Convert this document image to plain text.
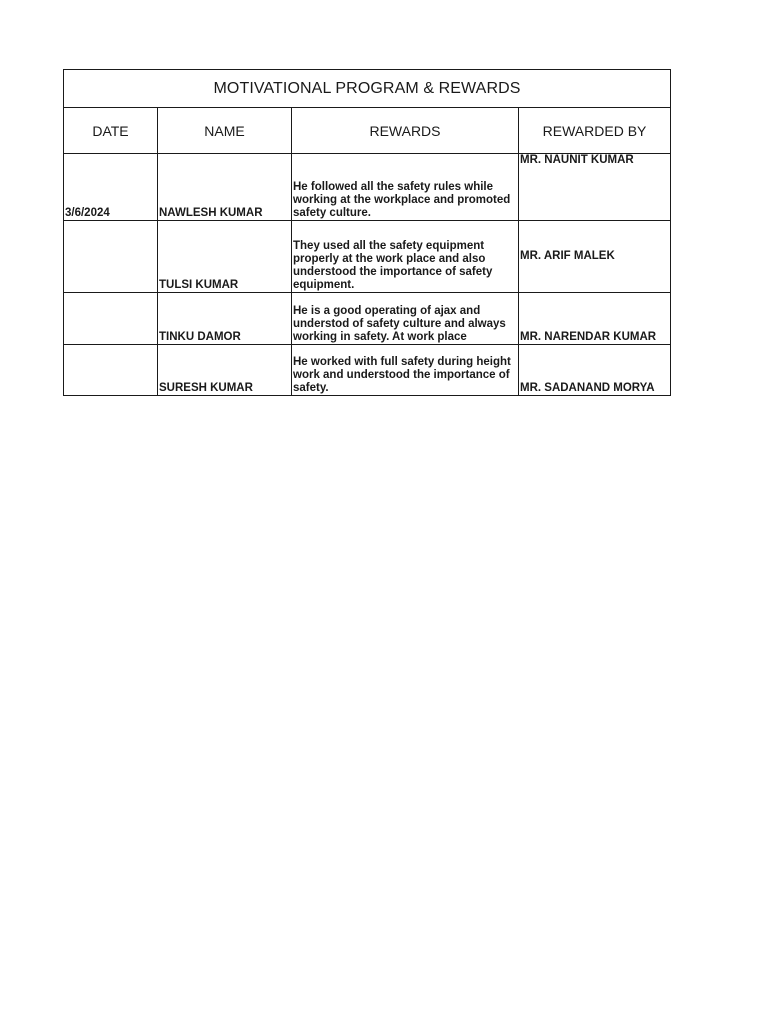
MOTIVATIONAL PROGRAM & REWARDS			
DATE	NAME	REWARDS	REWARDED BY
3/6/2024	NAWLESH KUMAR	He followed all the safety rules while working at the workplace and promoted safety culture.	MR. NAUNIT KUMAR
	TULSI KUMAR	They used all the safety equipment properly at the work place and also understood the importance of safety equipment.	MR. ARIF MALEK
	TINKU DAMOR	He is a good operating of ajax and understod of safety culture and always working in safety. At work place	MR. NARENDAR KUMAR
	SURESH KUMAR	He worked with full safety during height work and understood the importance of safety.	MR. SADANAND MORYA
